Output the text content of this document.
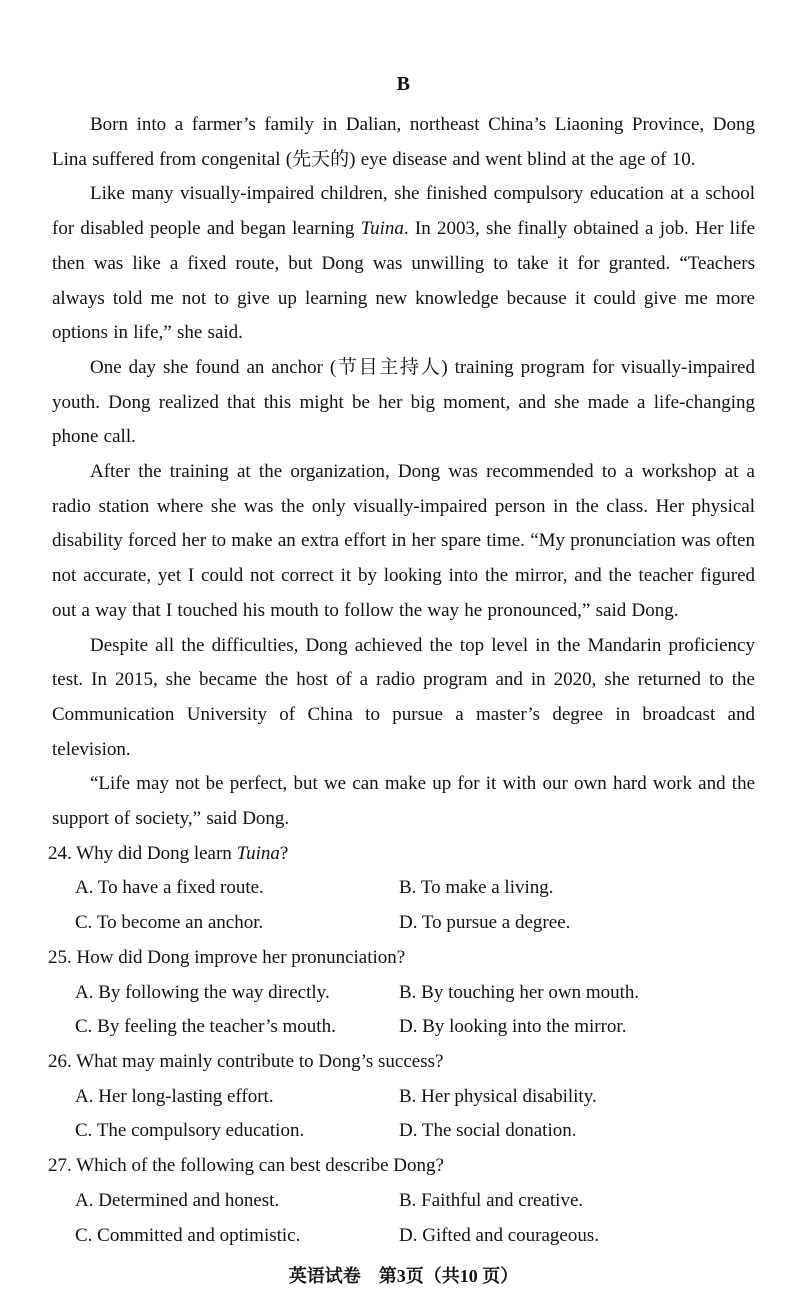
B

Born into a farmer’s family in Dalian, northeast China’s Liaoning Province, Dong Lina suffered from congenital (先天的) eye disease and went blind at the age of 10.

Like many visually-impaired children, she finished compulsory education at a school for disabled people and began learning Tuina. In 2003, she finally obtained a job. Her life then was like a fixed route, but Dong was unwilling to take it for granted. “Teachers always told me not to give up learning new knowledge because it could give me more options in life,” she said.

One day she found an anchor (节目主持人) training program for visually-impaired youth. Dong realized that this might be her big moment, and she made a life-changing phone call.

After the training at the organization, Dong was recommended to a workshop at a radio station where she was the only visually-impaired person in the class. Her physical disability forced her to make an extra effort in her spare time. “My pronunciation was often not accurate, yet I could not correct it by looking into the mirror, and the teacher figured out a way that I touched his mouth to follow the way he pronounced,” said Dong.

Despite all the difficulties, Dong achieved the top level in the Mandarin proficiency test. In 2015, she became the host of a radio program and in 2020, she returned to the Communication University of China to pursue a master’s degree in broadcast and television.

“Life may not be perfect, but we can make up for it with our own hard work and the support of society,” said Dong.

24. Why did Dong learn Tuina?
A. To have a fixed route.	B. To make a living.
C. To become an anchor.	D. To pursue a degree.
25. How did Dong improve her pronunciation?
A. By following the way directly.	B. By touching her own mouth.
C. By feeling the teacher’s mouth.	D. By looking into the mirror.
26. What may mainly contribute to Dong’s success?
A. Her long-lasting effort.	B. Her physical disability.
C. The compulsory education.	D. The social donation.
27. Which of the following can best describe Dong?
A. Determined and honest.	B. Faithful and creative.
C. Committed and optimistic.	D. Gifted and courageous.
英语试卷　第3页（共10 页）
